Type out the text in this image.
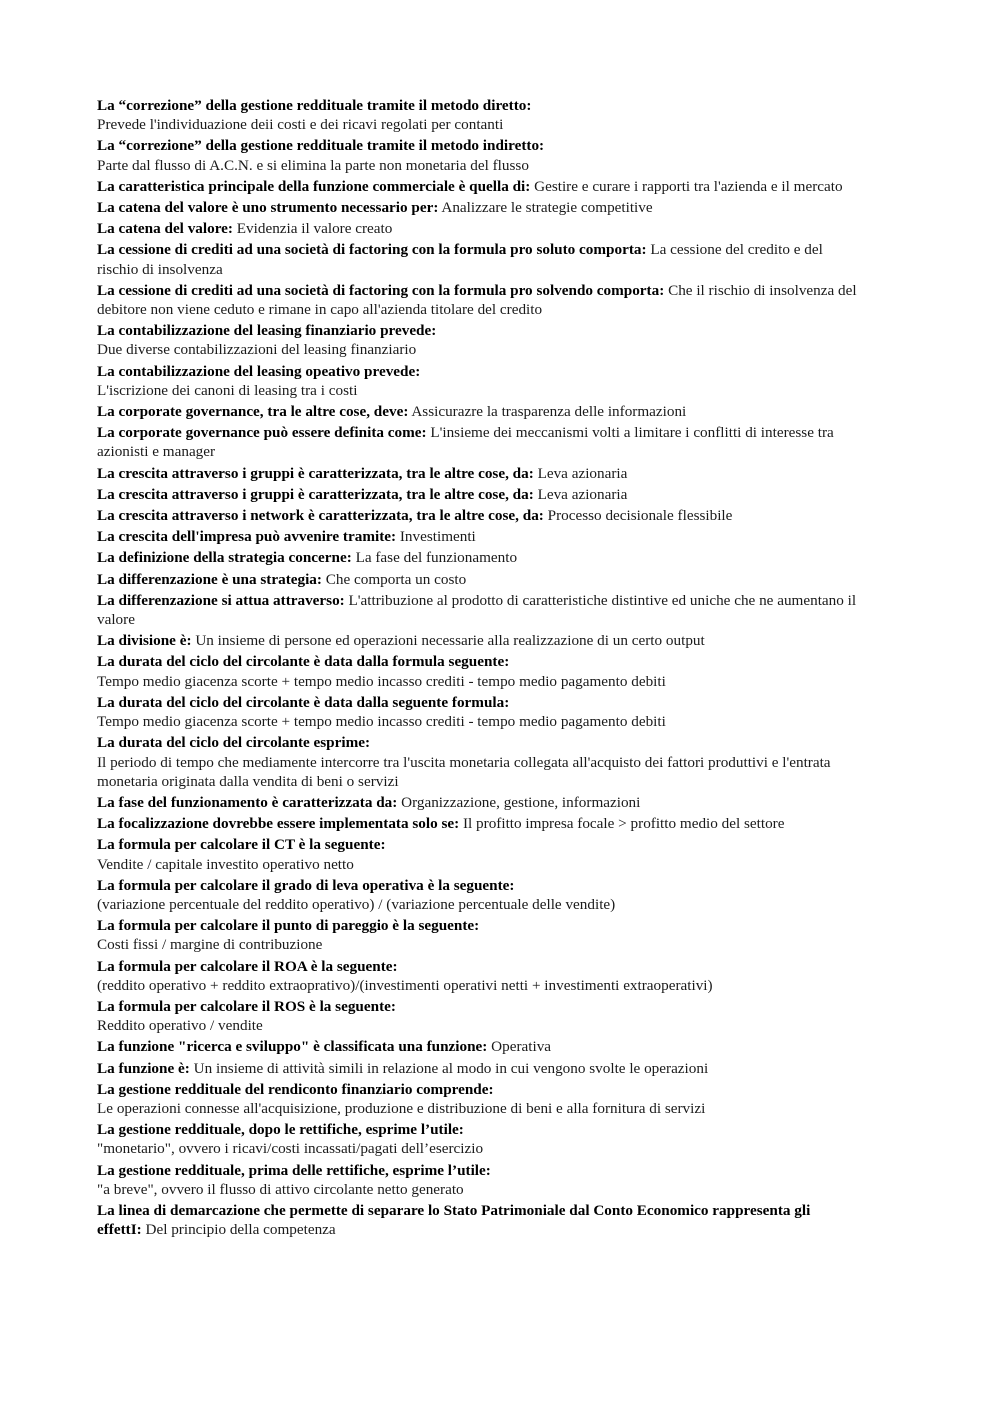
La “correzione” della gestione reddituale tramite il metodo diretto:
Prevede l'individuazione deii costi e dei ricavi regolati per contanti
La “correzione” della gestione reddituale tramite il metodo indiretto:
Parte dal flusso di A.C.N. e si elimina la parte non monetaria del flusso
La caratteristica principale della funzione commerciale è quella di: Gestire e curare i rapporti tra l'azienda e il mercato
La catena del valore è uno strumento necessario per: Analizzare le strategie competitive
La catena del valore: Evidenzia il valore creato
La cessione di crediti ad una società di factoring con la formula pro soluto comporta: La cessione del credito e del rischio di insolvenza
La cessione di crediti ad una società di factoring con la formula pro solvendo comporta: Che il rischio di insolvenza del debitore non viene ceduto e rimane in capo all'azienda titolare del credito
La contabilizzazione del leasing finanziario prevede:
Due diverse contabilizzazioni del leasing finanziario
La contabilizzazione del leasing opeativo prevede:
L'iscrizione dei canoni di leasing tra i costi
La corporate governance, tra le altre cose, deve: Assicurazre la trasparenza delle informazioni
La corporate governance può essere definita come: L'insieme dei meccanismi volti a limitare i conflitti di interesse tra azionisti e manager
La crescita attraverso i gruppi è caratterizzata, tra le altre cose, da: Leva azionaria
La crescita attraverso i gruppi è caratterizzata, tra le altre cose, da: Leva azionaria
La crescita attraverso i network è caratterizzata, tra le altre cose, da: Processo decisionale flessibile
La crescita dell'impresa può avvenire tramite: Investimenti
La definizione della strategia concerne: La fase del funzionamento
La differenzazione è una strategia: Che comporta un costo
La differenzazione si attua attraverso: L'attribuzione al prodotto di caratteristiche distintive ed uniche che ne aumentano il valore
La divisione è: Un insieme di persone ed operazioni necessarie alla realizzazione di un certo output
La durata del ciclo del circolante è data dalla formula seguente:
Tempo medio giacenza scorte + tempo medio incasso crediti - tempo medio pagamento debiti
La durata del ciclo del circolante è data dalla seguente formula:
Tempo medio giacenza scorte + tempo medio incasso crediti - tempo medio pagamento debiti
La durata del ciclo del circolante esprime:
Il periodo di tempo che mediamente intercorre tra l'uscita monetaria collegata all'acquisto dei fattori produttivi e l'entrata monetaria originata dalla vendita di beni o servizi
La fase del funzionamento è caratterizzata da: Organizzazione, gestione, informazioni
La focalizzazione dovrebbe essere implementata solo se: Il profitto impresa focale > profitto medio del settore
La formula per calcolare il CT è la seguente:
Vendite / capitale investito operativo netto
La formula per calcolare il grado di leva operativa è la seguente:
(variazione percentuale del reddito operativo) / (variazione percentuale delle vendite)
La formula per calcolare il punto di pareggio è la seguente:
Costi fissi / margine di contribuzione
La formula per calcolare il ROA è la seguente:
(reddito operativo + reddito extraoprativo)/(investimenti operativi netti + investimenti extraoperativi)
La formula per calcolare il ROS è la seguente:
Reddito operativo / vendite
La funzione "ricerca e sviluppo" è classificata una funzione: Operativa
La funzione è: Un insieme di attività simili in relazione al modo in cui vengono svolte le operazioni
La gestione reddituale del rendiconto finanziario comprende:
Le operazioni connesse all'acquisizione, produzione e distribuzione di beni e alla fornitura di servizi
La gestione reddituale, dopo le rettifiche, esprime l’utile:
"monetario", ovvero i ricavi/costi incassati/pagati dell’esercizio
La gestione reddituale, prima delle rettifiche, esprime l’utile:
"a breve", ovvero il flusso di attivo circolante netto generato
La linea di demarcazione che permette di separare lo Stato Patrimoniale dal Conto Economico rappresenta gli effettI: Del principio della competenza
